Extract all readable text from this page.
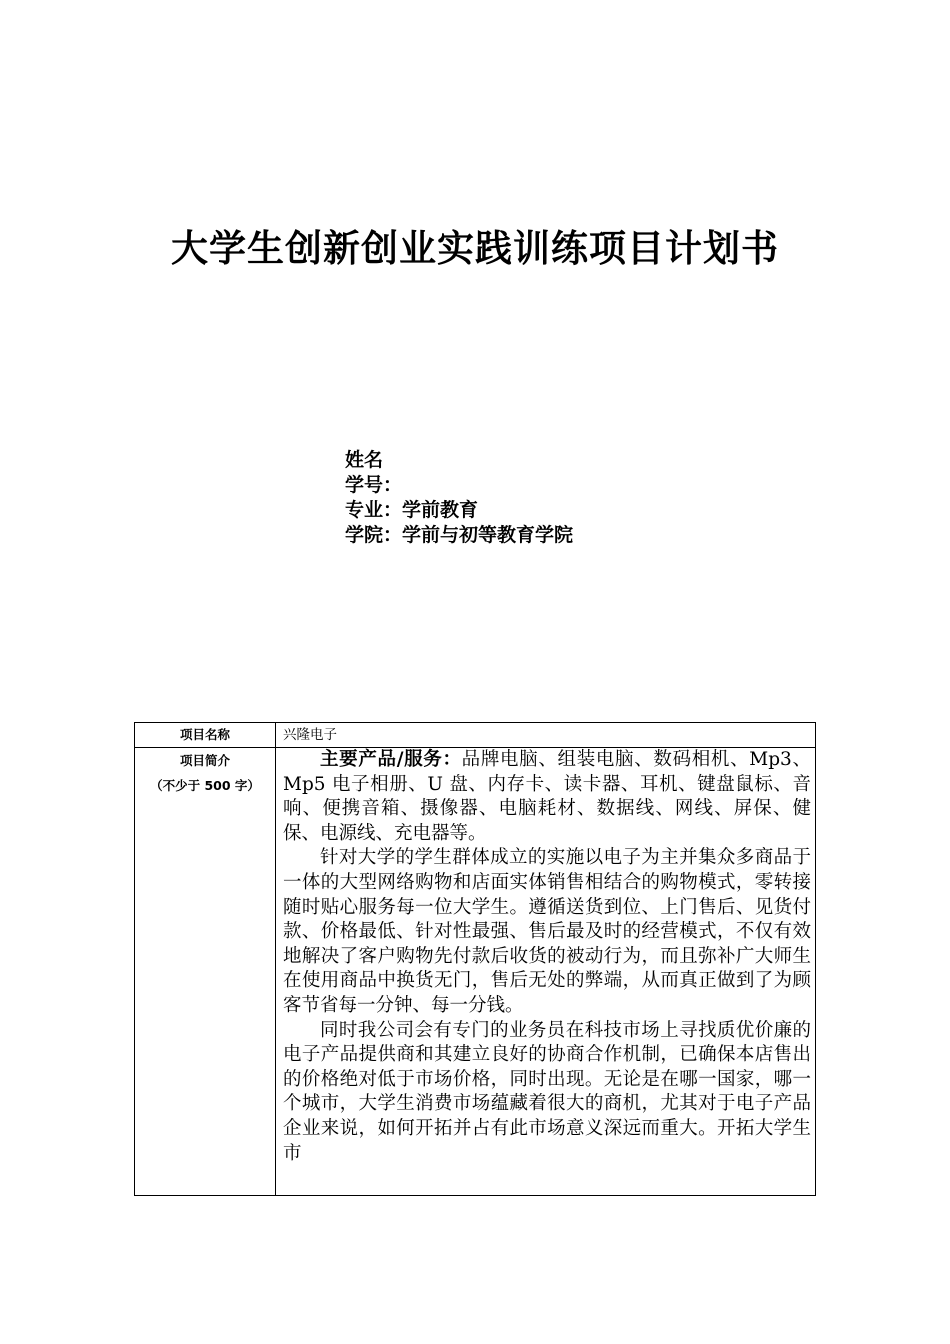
大学生创新创业实践训练项目计划书
姓名
学号：
专业：学前教育
学院：学前与初等教育学院
项目名称	兴隆电子
项目简介
（不少于 500 字）

主要产品/服务：品牌电脑、组装电脑、数码相机、Mp3、Mp5 电子相册、U 盘、内存卡、读卡器、耳机、键盘鼠标、音响、便携音箱、摄像器、电脑耗材、数据线、网线、屏保、健保、电源线、充电器等。

针对大学的学生群体成立的实施以电子为主并集众多商品于一体的大型网络购物和店面实体销售相结合的购物模式，零转接随时贴心服务每一位大学生。遵循送货到位、上门售后、见货付款、价格最低、针对性最强、售后最及时的经营模式，不仅有效地解决了客户购物先付款后收货的被动行为，而且弥补广大师生在使用商品中换货无门，售后无处的弊端，从而真正做到了为顾客节省每一分钟、每一分钱。

同时我公司会有专门的业务员在科技市场上寻找质优价廉的电子产品提供商和其建立良好的协商合作机制，已确保本店售出的价格绝对低于市场价格，同时出现。无论是在哪一国家，哪一个城市，大学生消费市场蕴藏着很大的商机，尤其对于电子产品企业来说，如何开拓并占有此市场意义深远而重大。开拓大学生市
